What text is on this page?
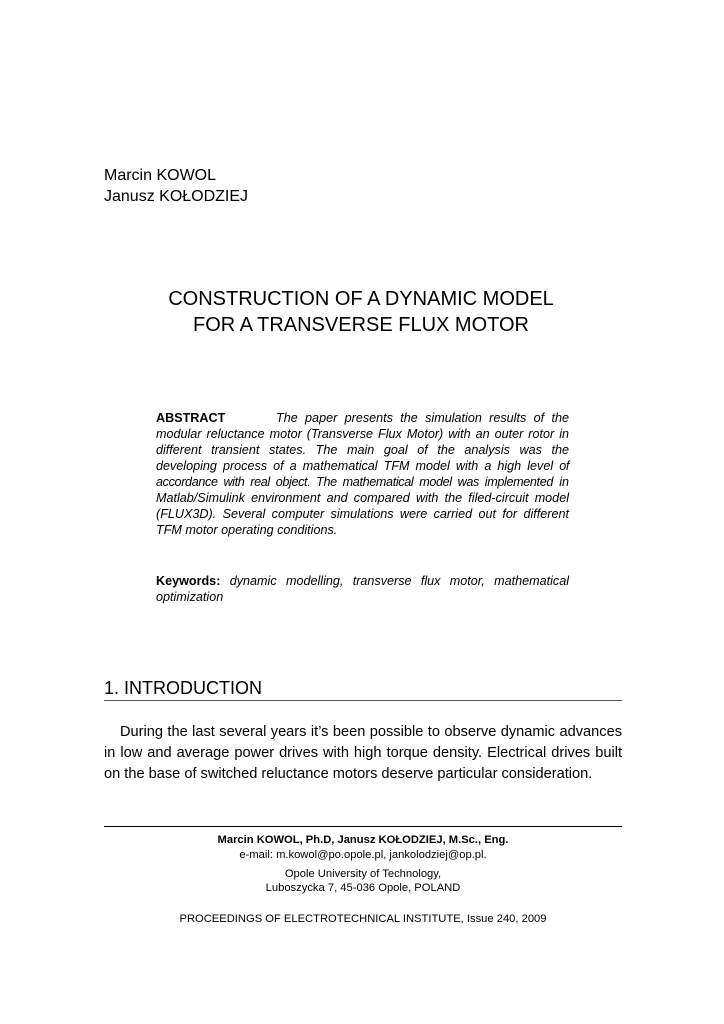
Marcin KOWOL
Janusz KOŁODZIEJ
CONSTRUCTION OF A DYNAMIC MODEL
FOR A TRANSVERSE FLUX MOTOR
ABSTRACT	The paper presents the simulation results of the modular reluctance motor (Transverse Flux Motor) with an outer rotor in different transient states. The main goal of the analysis was the developing process of a mathematical TFM model with a high level of accordance with real object. The mathematical model was implemented in Matlab/Simulink environment and compared with the filed-circuit model (FLUX3D). Several computer simulations were carried out for different TFM motor operating conditions.
Keywords: dynamic modelling, transverse flux motor, mathematical optimization
1. INTRODUCTION
During the last several years it’s been possible to observe dynamic advances in low and average power drives with high torque density. Electrical drives built on the base of switched reluctance motors deserve particular consideration.
Marcin KOWOL, Ph.D, Janusz KOŁODZIEJ, M.Sc., Eng.
e-mail: m.kowol@po.opole.pl, jankolodziej@op.pl.
Opole University of Technology,
Luboszycka 7, 45-036 Opole, POLAND
PROCEEDINGS OF ELECTROTECHNICAL INSTITUTE, Issue 240, 2009
